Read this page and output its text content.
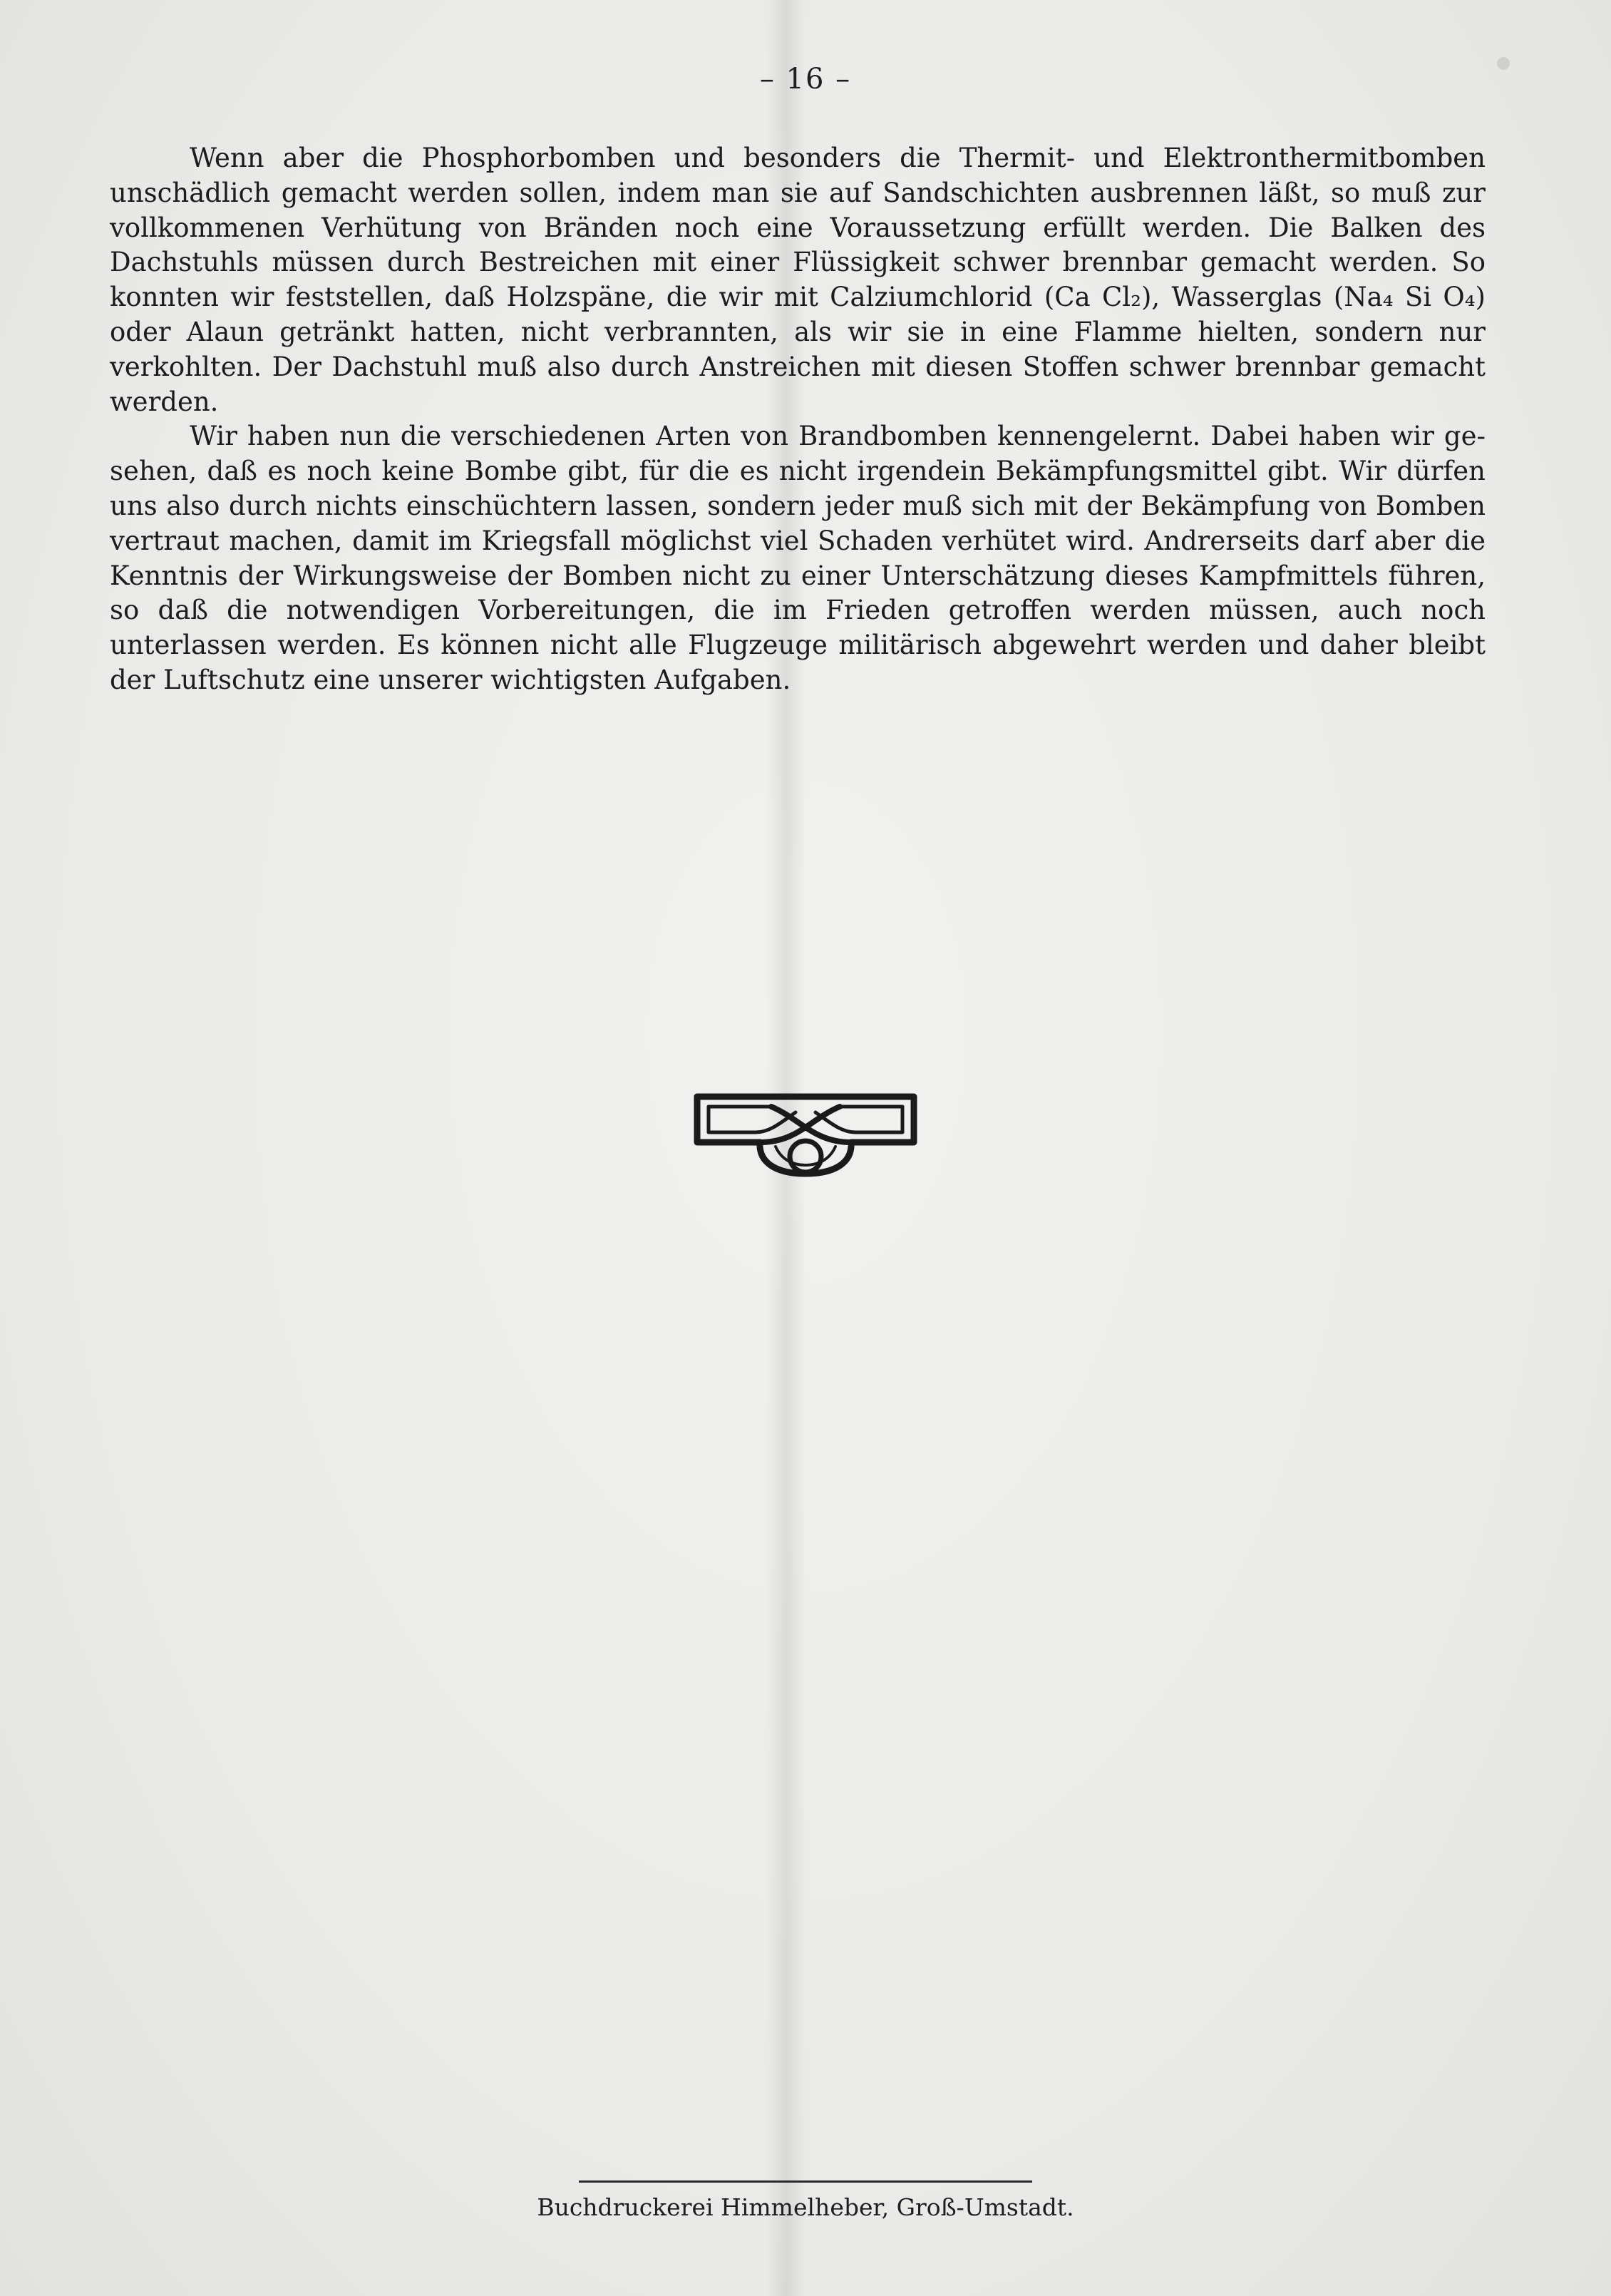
– 16 –

Wenn aber die Phosphorbomben und besonders die Thermit- und Elektronthermitbomben unschädlich gemacht werden sollen, indem man sie auf Sandschichten ausbrennen läßt, so muß zur vollkommenen Verhütung von Bränden noch eine Voraussetzung erfüllt werden. Die Balken des Dachstuhls müssen durch Bestreichen mit einer Flüssigkeit schwer brennbar gemacht werden. So konnten wir feststellen, daß Holzspäne, die wir mit Calziumchlorid (Ca Cl₂), Wasserglas (Na₄ Si O₄) oder Alaun getränkt hatten, nicht verbrannten, als wir sie in eine Flamme hielten, sondern nur verkohlten. Der Dachstuhl muß also durch Anstreichen mit diesen Stoffen schwer brennbar gemacht werden.

Wir haben nun die verschiedenen Arten von Brandbomben kennengelernt. Dabei haben wir gesehen, daß es noch keine Bombe gibt, für die es nicht irgendein Bekämpfungsmittel gibt. Wir dürfen uns also durch nichts einschüchtern lassen, sondern jeder muß sich mit der Bekämpfung von Bomben vertraut machen, damit im Kriegsfall möglichst viel Schaden verhütet wird. Andrerseits darf aber die Kenntnis der Wirkungsweise der Bomben nicht zu einer Unterschätzung dieses Kampfmittels führen, so daß die notwendigen Vorbereitungen, die im Frieden getroffen werden müssen, auch noch unterlassen werden. Es können nicht alle Flugzeuge militärisch abgewehrt werden und daher bleibt der Luftschutz eine unserer wichtigsten Aufgaben.

Buchdruckerei Himmelheber, Groß-Umstadt.
